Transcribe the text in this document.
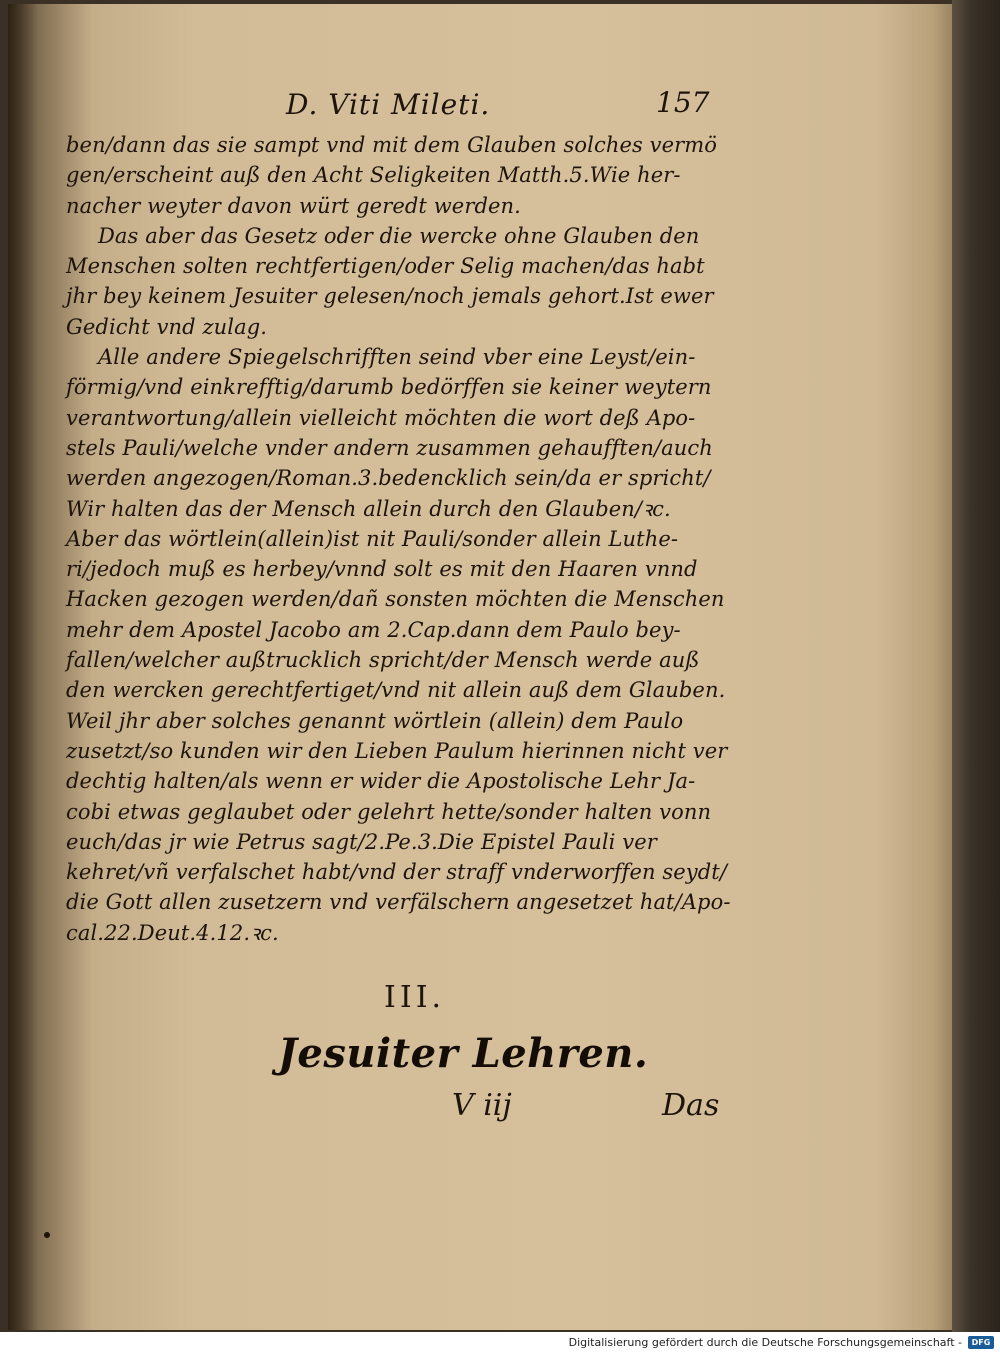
D. Viti Mileti.	157
ben/dann das sie sampt vnd mit dem Glauben solches vermö
gen/erscheint auß den Acht Seligkeiten Matth.5.Wie her-
nacher weyter davon würt geredt werden.
Das aber das Gesetz oder die wercke ohne Glauben den
Menschen solten rechtfertigen/oder Selig machen/das habt
jhr bey keinem Jesuiter gelesen/noch jemals gehort.Ist ewer
Gedicht vnd zulag.
Alle andere Spiegelschrifften seind vber eine Leyst/ein-
förmig/vnd einkrefftig/darumb bedörffen sie keiner weytern
verantwortung/allein vielleicht möchten die wort deß Apo-
stels Pauli/welche vnder andern zusammen gehaufften/auch
werden angezogen/Roman.3.bedencklich sein/da er spricht/
Wir halten das der Mensch allein durch den Glauben/ꝛc.
Aber das wörtlein(allein)ist nit Pauli/sonder allein Luthe-
ri/jedoch muß es herbey/vnnd solt es mit den Haaren vnnd
Hacken gezogen werden/dañ sonsten möchten die Menschen
mehr dem Apostel Jacobo am 2.Cap.dann dem Paulo bey-
fallen/welcher außtrucklich spricht/der Mensch werde auß
den wercken gerechtfertiget/vnd nit allein auß dem Glauben.
Weil jhr aber solches genannt wörtlein (allein) dem Paulo
zusetzt/so kunden wir den Lieben Paulum hierinnen nicht ver
dechtig halten/als wenn er wider die Apostolische Lehr Ja-
cobi etwas geglaubet oder gelehrt hette/sonder halten vonn
euch/das jr wie Petrus sagt/2.Pe.3.Die Epistel Pauli ver
kehret/vñ verfalschet habt/vnd der straff vnderworffen seydt/
die Gott allen zusetzern vnd verfälschern angesetzet hat/Apo-
cal.22.Deut.4.12.ꝛc.
III.
Jesuiter Lehren.
V iij	Das
Digitalisierung gefördert durch die Deutsche Forschungsgemeinschaft -	DFG
